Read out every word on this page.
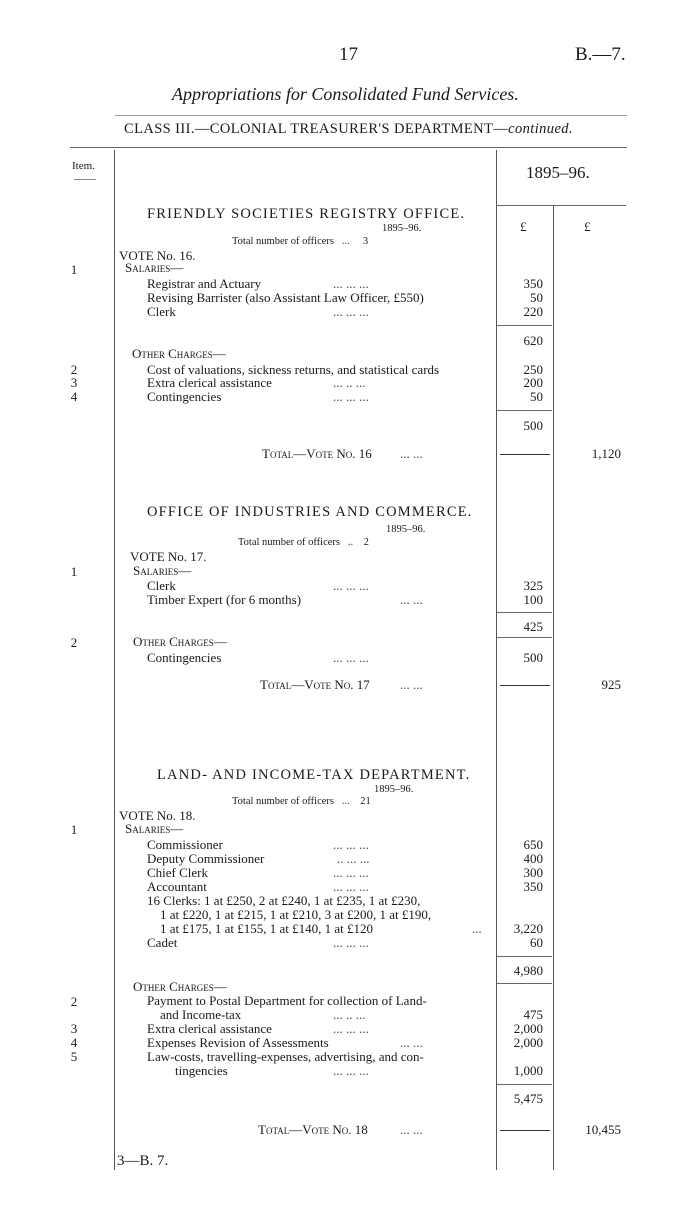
17	B.—7.
Appropriations for Consolidated Fund Services.
CLASS III.—COLONIAL TREASURER'S DEPARTMENT—continued.
Item.
——	1895–96.
£	£
FRIENDLY SOCIETIES REGISTRY OFFICE.
1895–96.
Total number of officers ... 3
VOTE No. 16.
1	Salaries—
Registrar and Actuary	... ... ...	350
Revising Barrister (also Assistant Law Officer, £550)	50
Clerk	... ... ...	220
620
Other Charges—
2	Cost of valuations, sickness returns, and statistical cards	250
3	Extra clerical assistance	... .. ...	200
4	Contingencies	... ... ...	50
500
Total—Vote No. 16 ... ...	1,120
OFFICE OF INDUSTRIES AND COMMERCE.
1895–96.
Total number of officers .. 2
VOTE No. 17.
1	Salaries—
Clerk	... ... ...	325
Timber Expert (for 6 months)	... ...	100
425
2	Other Charges—
Contingencies	... ... ...	500
Total—Vote No. 17 ... ...	925
LAND- AND INCOME-TAX DEPARTMENT.
1895–96.
Total number of officers ... 21
VOTE No. 18.
1	Salaries—
Commissioner	... ... ...	650
Deputy Commissioner	.. ... ...	400
Chief Clerk	... ... ...	300
Accountant	... ... ...	350
16 Clerks: 1 at £250, 2 at £240, 1 at £235, 1 at £230,
1 at £220, 1 at £215, 1 at £210, 3 at £200, 1 at £190,
1 at £175, 1 at £155, 1 at £140, 1 at £120	...	3,220
Cadet	... ... ...	60
4,980
Other Charges—
2	Payment to Postal Department for collection of Land-
and Income-tax	... .. ...	475
3	Extra clerical assistance	... ... ...	2,000
4	Expenses Revision of Assessments	... ...	2,000
5	Law-costs, travelling-expenses, advertising, and con-
tingencies	... ... ...	1,000
5,475
Total—Vote No. 18 ... ...	10,455
3—B. 7.
